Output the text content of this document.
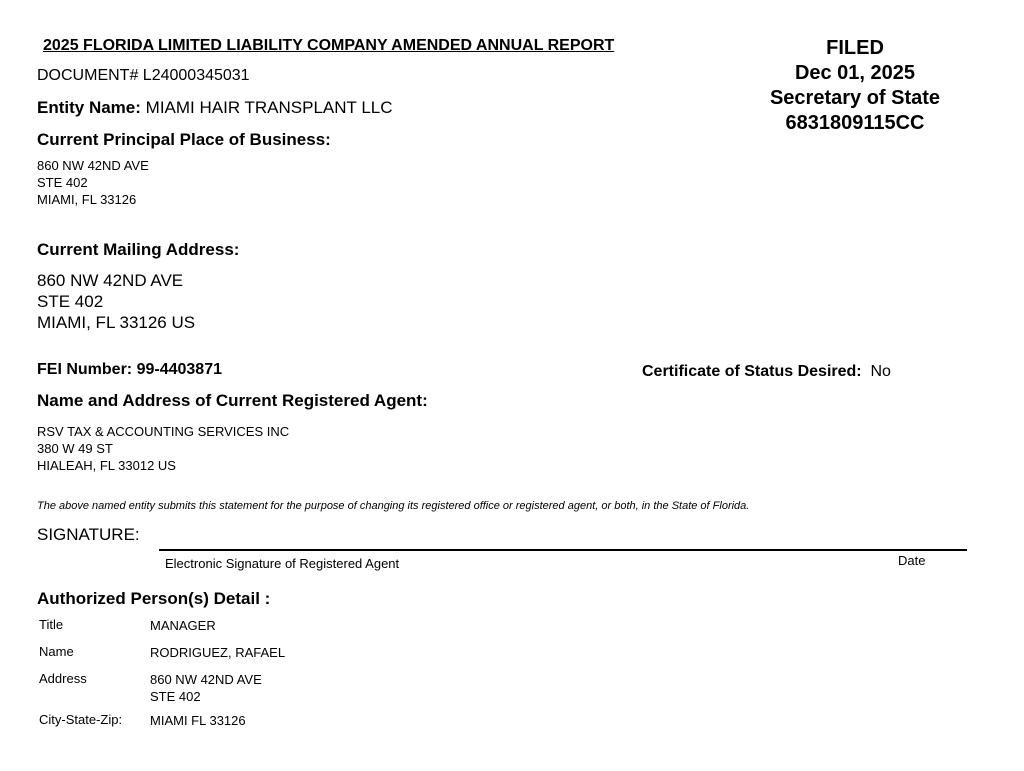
2025 FLORIDA LIMITED LIABILITY COMPANY AMENDED ANNUAL REPORT	FILED
Dec 01, 2025
Secretary of State
6831809115CC
DOCUMENT# L24000345031
Entity Name: MIAMI HAIR TRANSPLANT LLC
Current Principal Place of Business:
860 NW 42ND AVE
STE 402
MIAMI, FL 33126
Current Mailing Address:
860 NW 42ND AVE
STE 402
MIAMI, FL 33126 US
FEI Number: 99-4403871	Certificate of Status Desired: No
Name and Address of Current Registered Agent:
RSV TAX & ACCOUNTING SERVICES INC
380 W 49 ST
HIALEAH, FL 33012 US
The above named entity submits this statement for the purpose of changing its registered office or registered agent, or both, in the State of Florida.
SIGNATURE:
Electronic Signature of Registered Agent	Date
Authorized Person(s) Detail :
Title	MANAGER
Name	RODRIGUEZ, RAFAEL
Address	860 NW 42ND AVE
STE 402
City-State-Zip: MIAMI FL 33126
